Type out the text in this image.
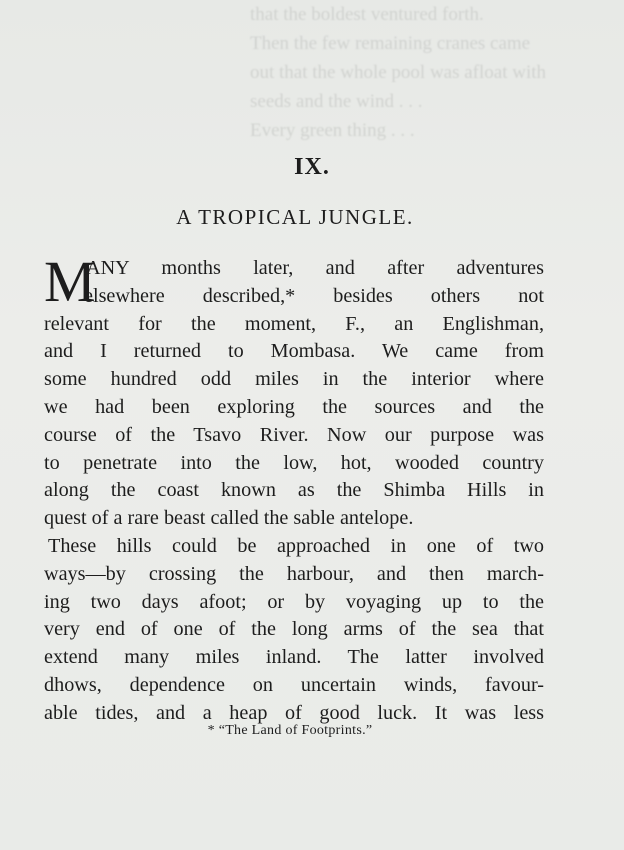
that the boldest ventured forth.
Then the few remaining cranes came
out that the whole pool was afloat with
seeds and the wind . . .
Every green thing . . .
IX.
A TROPICAL JUNGLE.
M
ANY months later, and after adventures
elsewhere described,* besides others not
relevant for the moment, F., an Englishman,
and I returned to Mombasa. We came from
some hundred odd miles in the interior where
we had been exploring the sources and the
course of the Tsavo River. Now our purpose was
to penetrate into the low, hot, wooded country
along the coast known as the Shimba Hills in
quest of a rare beast called the sable antelope.
These hills could be approached in one of two
ways—by crossing the harbour, and then march-
ing two days afoot; or by voyaging up to the
very end of one of the long arms of the sea that
extend many miles inland. The latter involved
dhows, dependence on uncertain winds, favour-
able tides, and a heap of good luck. It was less
* “The Land of Footprints.”
